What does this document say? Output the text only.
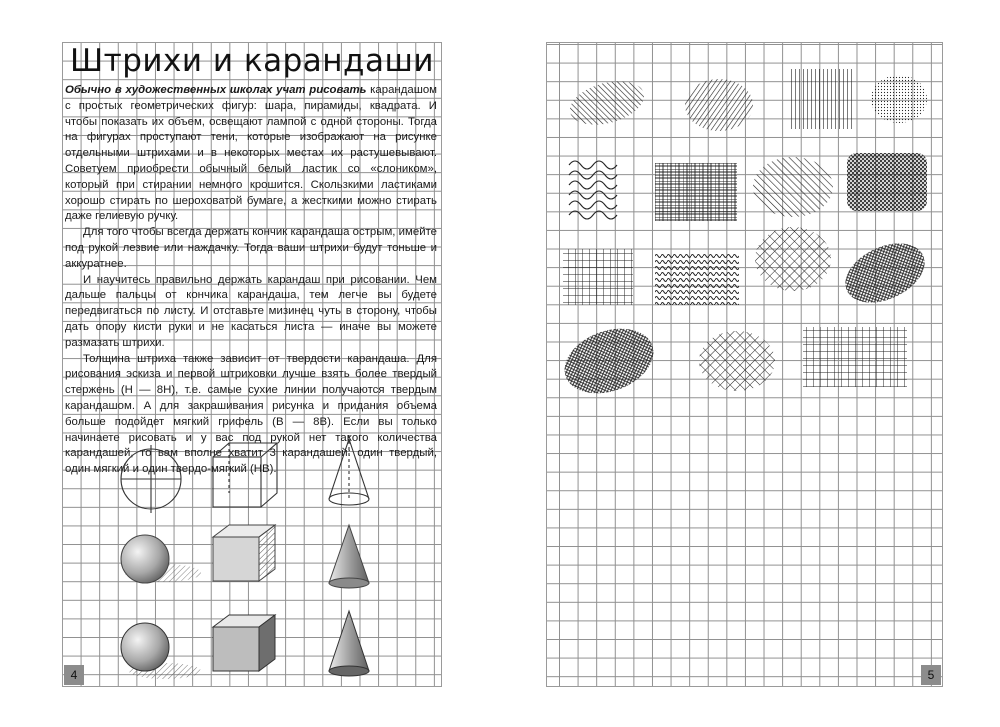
Штрихи и карандаши

Обычно в художественных школах учат рисовать карандашом с простых геометрических фигур: шара, пирамиды, квадрата. И чтобы показать их объем, освещают лампой с одной стороны. Тогда на фигурах проступают тени, которые изображают на рисунке отдельными штрихами и в некоторых местах их растушевывают. Советуем приобрести обычный белый ластик со «слоником», который при стирании немного крошится. Скользкими ластиками хорошо стирать по шероховатой бумаге, а жесткими можно стирать даже гелиевую ручку.

Для того чтобы всегда держать кончик карандаша острым, имейте под рукой лезвие или наждачку. Тогда ваши штрихи будут тоньше и аккуратнее.

И научитесь правильно держать карандаш при рисовании. Чем дальше пальцы от кончика карандаша, тем легче вы будете передвигаться по листу. И отставьте мизинец чуть в сторону, чтобы дать опору кисти руки и не касаться листа — иначе вы можете размазать штрихи.

Толщина штриха также зависит от твердости карандаша. Для рисования эскиза и первой штриховки лучше взять более твердый стержень (H — 8H), т.е. самые сухие линии получаются твердым карандашом. А для закрашивания рисунка и придания объема больше подойдет мягкий грифель (В — 8В). Если вы только начинаете рисовать и у вас под рукой нет такого количества карандашей, то вам вполне хватит 3 карандашей: один твердый, один мягкий и один твердо-мягкий (HB).

4	5
